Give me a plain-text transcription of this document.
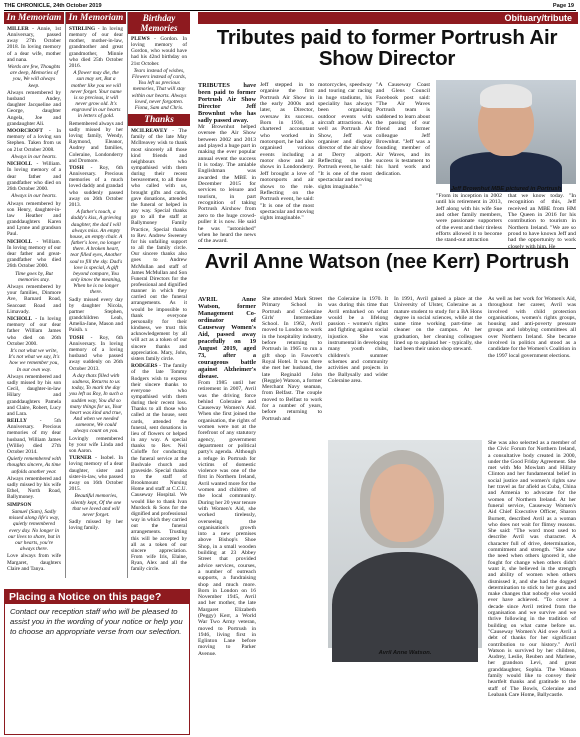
THE CHRONICLE, 24th October 2019	Page 19
In Memoriam

MILLER - Annie, 1st Anniversary, passed away 27th October 2018. In loving memory of a dear wife, mother and nana.

Words are few, Thoughts are deep, Memories of you, We will always keep.

Always remembered by husband Andey, daughter Jacqueline and George, daughter Angela, Joe and grandaughter Ali.

MOORCROFT - In memory of a loving son Stephen. Taken from us on 21st October 2008.

Always in our hearts.

NICHOLL - William. In loving memory of a dear father and grandfather who died on 26th October 2000.

Always in our hearts.

Always remembered by son Henry, daughter-in-law Heather and granddaughters Karen and Lynne and grandson Paul.

NICHOLL - William. In loving memory of our dear father and great-grandfather who died 26th October 2000.

Time goes by, But memories stay.

Always remembered by your families, Dinmore Ave, Barnard Road, Seacoast Road and Limavady.

NICHOLL - In loving memory of our dear father William James who died on 26th October 2000.

It's not what we write, It's not what we say, It's how we remember you, In our own way.

Always remembered and sadly missed by his son Cecil, daughter-in-law Hilary and granddaughters Pamela and Claire, Robert, Lucy and Lara.

REILLY - 5th Anniversary. Precious memories of my dear husband, William James (Willie) died 27th October 2014.

Quietly remembered with thoughts sincere, As time unfolds another year.

Always remembered and sadly missed by his wife Ethel, North Road, Ballymoney.

SIMPSON

Samuel (Sam), Sadly missed along life's way, quietly remembered every day. No longer in our lives to share, but in our hearts, you're always there.

Love always from wife Margaret, daughters Claire and Tanya.

In Memoriam

STIRLING - In loving memory of our dear mother, mother-in-law, grandmother and great grandmother, Minnie who died 25th October 2016.

A flower may die, the sun may set, But a mother like you we will never forget. Your name is so precious, it will never grow old. It's engraved in our hearts in letters of gold.

Remembered always and sadly missed by her loving family, Wendy, Raymond, Eleanor, Audrey and families, Coleraine, Londonderry and Dromore.

TOSH - Roy, 6th Anniversary. Precious memories of a much loved daddy and grandad who suddenly passed away on 26th October 2013.

A father's touch, a daddy's kiss, A grieving daughter, the dad I will always miss. An empty house, an empty chair. A father's love, no longer there. A broken heart, tear filled eyes, Another soul to fill the sky. Dad's love is special, A gift beyond compare, You only know the meaning, When he is no longer there.

Sadly missed every day by daughter Nicola, partner Stephen, grandchildren Leah, Amelia-Jane, Mason and Paisih. x

TOSH - Roy, 6th Anniversary. In loving memory of a loving husband who passed away suddenly on 26th October 2013.

A day thats filled with sadness, Returns to us today, To mark the day you left us Roy, In such a sudden way, You did so many things for us, Your heart was kind and true, And when we needed someone, We could always count on you.

Lovingly remembered by your wife Linda and son Aaron.

TURNER - Isobel. In loving memory of a dear daughter, sister and sister-in-law, who passed away on 16th October 2015.

Beautiful memories, silently kept, Of the one that we loved and will never forget.

Sadly missed by her loving family.

Birthday Memories

PLEWS - Gordon. In loving memory of Gordon, who would have had his 42nd birthday on 21st October.

Tears instead of wishes, Flowers instead of cards, You left us precious memories, That will stay within our hearts. Always loved, never forgotten. Fiona, Sam and Chris.

Thanks

MCILREAVEY - The family of the late May McIlreavey wish to thank most sincerely all those kind friends and neighbours who sympathised with them during their recent bereavement, to all those who called with us, brought gifts and cards, gave donations, attended the funeral or helped in any way. Special thanks go to all the staff at Ballymoney Family Practice, Special thanks to Rev. Andrew Sweeney for his unfailing support to all the family circle. Our sincere thanks also goes to Andrew McMullan and staff of James McMullan and Son Funeral Directors for the professional and dignified manner in which they carried out the funeral arrangements. As it would be impossible to thank everyone personally for their kindness, we trust this acknowledgement by all will act as a token of our sincere thanks and appreciation. Mary, John, sisters family circle.

RODGERS - The family of the late Tommy Rodgers wish to express their sincere thanks to everyone who sympathised with them during their recent loss. Thanks to all those who called at the house, sent cards, attended the funeral, sent donations in lieu of flowers or helped in any way. A special thanks to Rev. Neil Coloffe for conducting the funeral service at the Bushvale church and graveside. Special thanks to the staff of Brookmount Nursing Home and staff at C.C.U. Causeway Hospital. We would like to thank Ivan Murdock & Sons for the dignified and professional way in which they carried out the funeral arrangements. Trusting this will be accepted by all as a token of our sincere appreciation. From wife Iris, Elaine, Ryan, Alex and all the family circle.

Placing a Notice on this page?
Contact our reception staff who will be pleased to assist you in the wording of your notice or help you to choose an appropriate verse from our selection.
Obituary/tribute
Tributes paid to former Portrush Air Show Director
TRIBUTES have been paid to former Portrush Air Show Director Jeff Brownhut who has sadly passed away.
Mr Brownhut helped oversee the Air Show between 2002 and 2013 and played a huge part in making the ever popular annual event the success it is today. The amiable Englishman was awarded the MBE in December 2015 for services to leisure and tourism, in part recognition of taking Portrush Airshow from zero to the huge crowd-puller it is now. He said he was "astonished" when he heard the news of the award.
Jeff stepped in to organise the first Portrush Air Show in the early 2000s and later, as Director, oversaw its success. Born in 1936, a chartered accountant who worked in motorsport, he had also organised various events including a motor show and air shows in Londonderry. Jeff brought a love of motorsports and air shows to the role. Reflecting on the Portrush event, he said: "It is one of the most spectacular and moving sights imaginable."
motorcycles, speedway and touring car racing in huge stadiums, his speciality has always been organising outdoor events with aircraft attractions. As well as Portrush Air Show, Jeff was organiser and display director of the air show at Derry airport. Reflecting on the Portrush event, he said: "It is one of the most spectacular and moving sights imaginable."
"A Causeway Coast and Glens Council Facebook post said: "The Air Waves Portrush team is saddened to learn about the passing of our friend and former colleague Jeff Brownhut. "Jeff was a founding member of Air Waves, and its success is testament to his hard work and dedication.
Jeff Brownhut MBE pictured in Portrush
"From its inception in 2002 until his retirement in 2013, Jeff along with his wife Sue and other family members, were passionate supporters of the event and their tireless efforts allowed it to become the stand-out attraction
that we know today. "In recognition of this, Jeff received an MBE from HM The Queen in 2016 for his contribution to tourism in Northern Ireland. "We are so proud to have known Jeff and had the opportunity to work closely with him. He
Avril Anne Watson (nee Kerr) Portrush
AVRIL Anne Watson, former Management Co-ordinator of Causeway Women's Aid, passed away peacefully on 19 August 2019, aged 73, after a courageous battle against Alzheimer's disease.
From 1985 until her retirement in 2007, Avril was the driving force behind Coleraine and Causeway Women's Aid. When she first joined the organisation, the rights of women were not at the forefront of any statutory agency, government department or political party's agenda. Although a refuge in Portrush for victims of domestic violence was one of the first in Northern Ireland, Avril wanted more for the women and children of the local community. During her 20 year tenure with Women's Aid, she worked tirelessly, overseeing the organisation's growth into a new premises above Bishop's Shoe Shop, in a small wooden building at 23 Abbey Street that provided advice services, courses, a number of outreach supports, a fundraising shop and much more. Born in London on 16 November 1945, Avril and her mother, the late Margaret Elizabeth (Peggy) Kerr, a World War Two Army veteran, moved to Portrush in 1946, living first in Eglinton Lane before moving to Parker Avenue.
She attended Mark Street Primary School in Portrush and Coleraine Girls' Intermediate School. In 1962, Avril moved to London to work in the hospitality industry, before returning to Portrush in 1965 to run a gift shop in Fawcett's Royal Hotel. It was there she met her husband, the late Reginald John (Reggie) Watson, a former Merchant Navy seaman, from Belfast. The couple moved to Belfast to work for a number of years, before returning to Portrush and
the Coleraine in 1970. It was during this time that Avril embarked on what would be a lifelong passion - women's rights and fighting against social injustice. She was instrumental in developing many youth clubs, children's summer schemes and community activities and projects in the Ballysally and wider Coleraine area.
In 1991, Avril gained a place at the University of Ulster, Coleraine as a mature student to study for a BA Hons degree in social sciences, while at the same time working part-time as cleaner on the campus. At her graduation, her cleaning colleagues lined up to applaud her - typically, she had been their union shop steward.
As well as her work for Women's Aid, throughout her career, Avril was involved with child protection organisations, women's rights groups, housing and anti-poverty pressure groups and lobbying committees all over Northern Ireland. She became involved in politics and stood as a candidate for the Women's Coalition in the 1997 local government elections.
She was also selected as a member of the Civic Forum for Northern Ireland, a consultative body created in 2000, under the Good Friday Agreement. She met with Mo Mowlam and Hillary Clinton and her fundamental belief in social justice and women's rights saw her travel as far afield as Cuba, China and Armenia to advocate for the women of Northern Ireland. At her funeral service, Causeway Women's Aid Chief Executive Officer, Sharon Burnett, described Avril as a woman who does not wait for flimsy reasons. She said: "The word most used to describe Avril was character. A character full of drive, determination, commitment and strength. "She saw the need when others ignored it, she fought for change when others didn't want it, she believed in the strength and ability of women when others dismissed it, and she had the dogged determination to stick to her guns and make changes that nobody else would ever have achieved. "To cover a decade since Avril retired from the organisation and we survive and we thrive following in the tradition of building on what came before us. "Causeway Women's Aid owe Avril a debt of thanks for her significant contribution to our history." Avril Watson is survived by her children, Audrey, Leslie, Reuben and Marlene, her grandson Levi, and great granddaughter, Sophia. The Watson family would like to convey their heartfelt thanks and gratitude to the staff of The Bowls, Coleraine and Leabank Care Home, Ballycastle.
Avril Anne Watson.
